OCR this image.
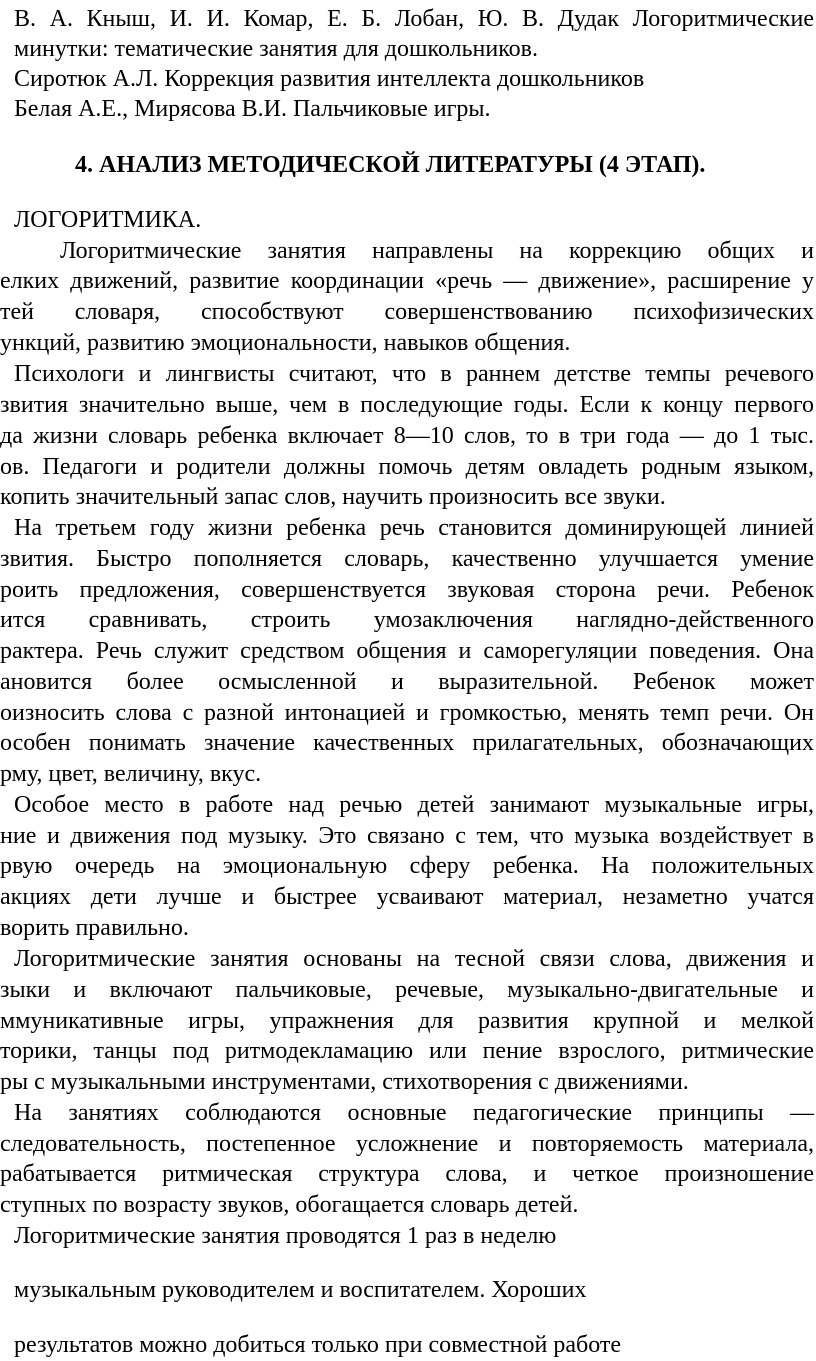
В. А. Кныш, И. И. Комар, Е. Б. Лобан, Ю. В. Дудак Логоритмические
минутки: тематические занятия для дошкольников.
Сиротюк А.Л. Коррекция развития интеллекта дошкольников
Белая А.Е., Мирясова В.И. Пальчиковые игры.
4. АНАЛИЗ МЕТОДИЧЕСКОЙ ЛИТЕРАТУРЫ (4 ЭТАП).
ЛОГОРИТМИКА.
Логоритмические занятия направлены на коррекцию общих и
елких движений, развитие координации «речь — движение», расширение у
тей словаря, способствуют совершенствованию психофизических
ункций, развитию эмоциональности, навыков общения.
Психологи и лингвисты считают, что в раннем детстве темпы речевого
звития значительно выше, чем в последующие годы. Если к концу первого
да жизни словарь ребенка включает 8—10 слов, то в три года — до 1 тыс.
ов. Педагоги и родители должны помочь детям овладеть родным языком,
копить значительный запас слов, научить произносить все звуки.
На третьем году жизни ребенка речь становится доминирующей линией
звития. Быстро пополняется словарь, качественно улучшается умение
роить предложения, совершенствуется звуковая сторона речи. Ребенок
ится сравнивать, строить умозаключения наглядно-действенного
рактера. Речь служит средством общения и саморегуляции поведения. Она
ановится более осмысленной и выразительной. Ребенок может
оизносить слова с разной интонацией и громкостью, менять темп речи. Он
особен понимать значение качественных прилагательных, обозначающих
рму, цвет, величину, вкус.
Особое место в работе над речью детей занимают музыкальные игры,
ние и движения под музыку. Это связано с тем, что музыка воздействует в
рвую очередь на эмоциональную сферу ребенка. На положительных
акциях дети лучше и быстрее усваивают материал, незаметно учатся
ворить правильно.
Логоритмические занятия основаны на тесной связи слова, движения и
зыки и включают пальчиковые, речевые, музыкально-двигательные и
ммуникативные игры, упражнения для развития крупной и мелкой
торики, танцы под ритмодекламацию или пение взрослого, ритмические
ры с музыкальными инструментами, стихотворения с движениями.
На занятиях соблюдаются основные педагогические принципы —
следовательность, постепенное усложнение и повторяемость материала,
рабатывается ритмическая структура слова, и четкое произношение
ступных по возрасту звуков, обогащается словарь детей.
Логоритмические занятия проводятся 1 раз в неделю
музыкальным руководителем и воспитателем. Хороших
результатов можно добиться только при совместной работе
